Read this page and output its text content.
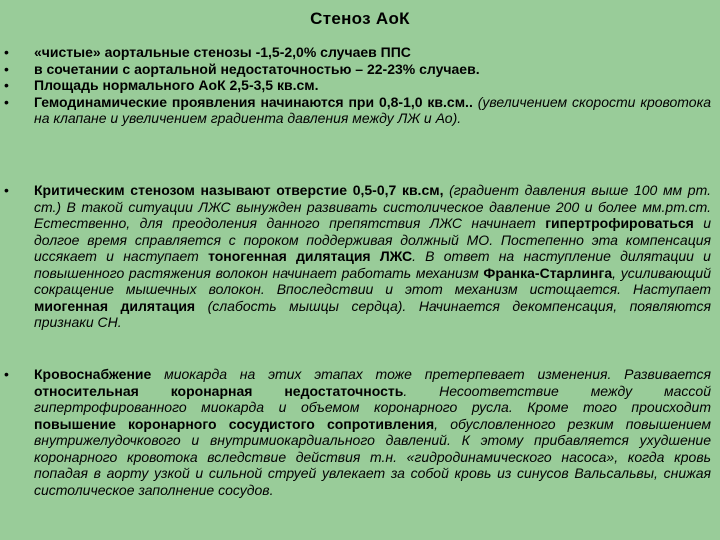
Стеноз АоК
• «чистые» аортальные стенозы -1,5-2,0% случаев ППС
• в сочетании с аортальной недостаточностью – 22-23% случаев.
• Площадь нормального АоК 2,5-3,5 кв.см.
• Гемодинамические проявления начинаются при 0,8-1,0 кв.см.. (увеличением скорости кровотока на клапане и увеличением градиента давления между ЛЖ и Ао).
• Критическим стенозом называют отверстие 0,5-0,7 кв.см, (градиент давления выше 100 мм рт. ст.) В такой ситуации ЛЖС вынужден развивать систолическое давление 200 и более мм.рт.ст. Естественно, для преодоления данного препятствия ЛЖС начинает гипертрофироваться и долгое время справляется с пороком поддерживая должный МО. Постепенно эта компенсация иссякает и наступает тоногенная дилятация ЛЖС. В ответ на наступление дилятации и повышенного растяжения волокон начинает работать механизм Франка-Старлинга, усиливающий сокращение мышечных волокон. Впоследствии и этот механизм истощается. Наступает миогенная дилятация (слабость мышцы сердца). Начинается декомпенсация, появляются признаки СН.
• Кровоснабжение миокарда на этих этапах тоже претерпевает изменения. Развивается относительная коронарная недостаточность. Несоответствие между массой гипертрофированного миокарда и объемом коронарного русла. Кроме того происходит повышение коронарного сосудистого сопротивления, обусловленного резким повышением внутрижелудочкового и внутримиокардиального давлений. К этому прибавляется ухудшение коронарного кровотока вследствие действия т.н. «гидродинамического насоса», когда кровь попадая в аорту узкой и сильной струей увлекает за собой кровь из синусов Вальсальвы, снижая систолическое заполнение сосудов.
